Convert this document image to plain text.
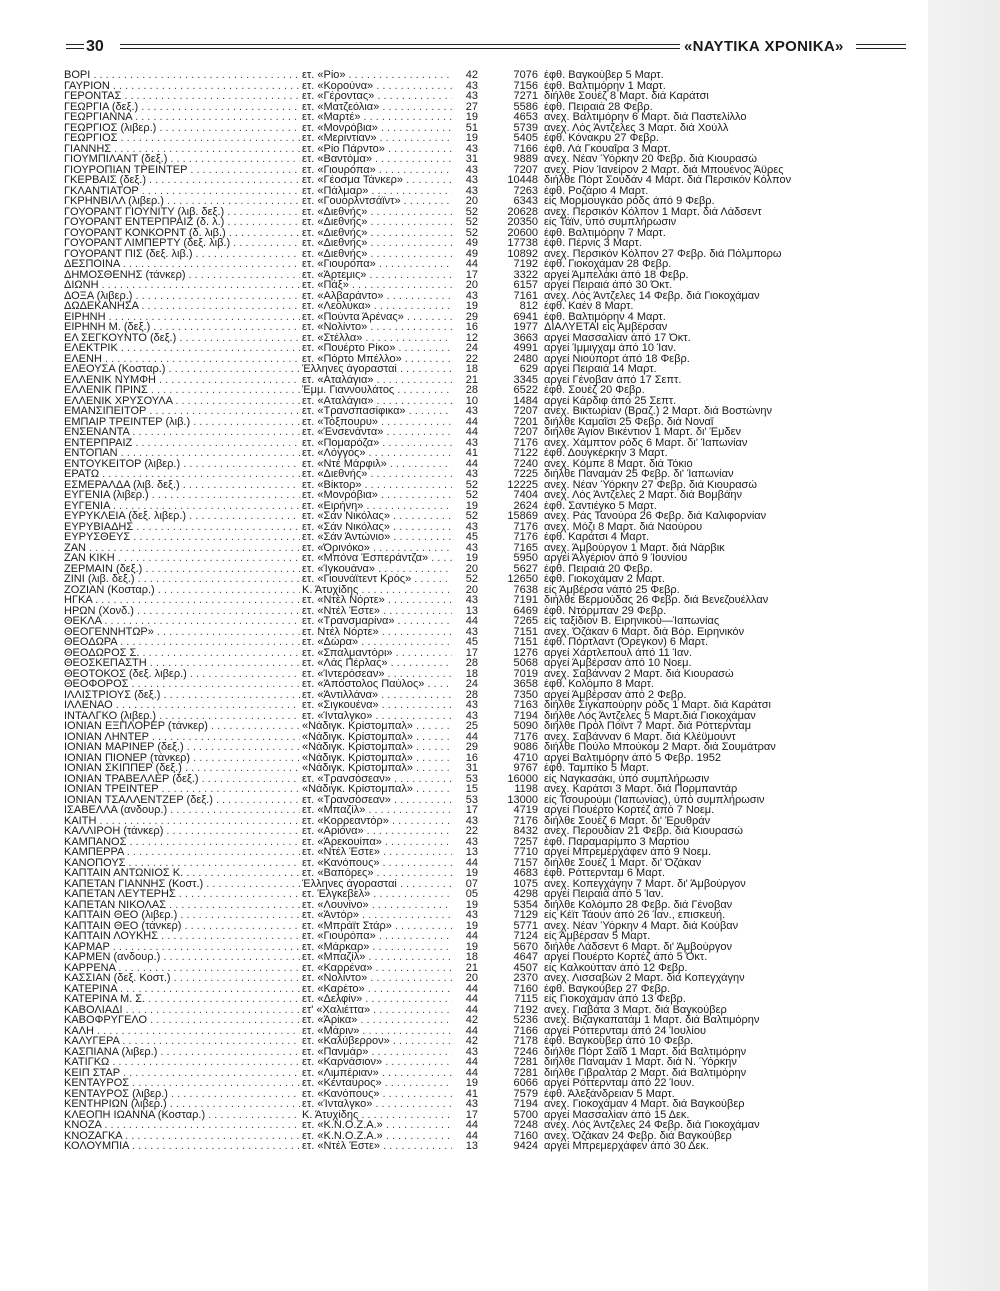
30	«ΝΑΥΤΙΚΑ ΧΡΟΝΙΚΑ»
ΒΟΡΙ . . .	ετ. «Ρίο» . . .	42	7076 έφθ. Βαγκούβερ 5 Μαρτ.
ΓΑΥΡΙΟΝ . . .	ετ. «Κορούνα» . . .	43	7156 έφθ. Βαλτιμόρην 1 Μαρτ.
ΓΕΡΟΝΤΑΣ . . .	ετ. «Γέροντας» . . .	43	7271 διήλθε Σουέζ 8 Μαρτ. διά Καράτσι
ΓΕΩΡΓΙΑ (δεξ.) . . .	ετ. «Ματζεόλια» . . .	27	5586 έφθ. Πειραιά 28 Φεβρ.
ΓΕΩΡΓΙΑΝΝΑ . . .	ετ. «Μαρτέ» . . .	19	4653 ανεχ. Βαλτιμόρην 6 Μαρτ. διά Παστελίλλο
ΓΕΩΡΓΙΟΣ (λιβερ.) . . .	ετ. «Μονρόβια» . . .	51	5739 ανεχ. Λός Άντζελες 3 Μαρτ. διά Χούλλ
ΓΕΩΡΓΙΟΣ . . .	ετ. «Μεριντιαν» . . .	19	5405 έφθ. Κόνακρυ 27 Φεβρ.
ΓΙΑΝΝΗΣ . . .	ετ. «Ρίο Πάρντο» . . .	43	7166 έφθ. Λά Γκουαΐρα 3 Μαρτ.
ΓΙΟΥΜΠΙΛΑΝΤ (δεξ.) . . .	ετ. «Βαντόμα» . . .	31	9889 ανεχ. Νέαν Ύόρκην 20 Φεβρ. διά Κιουρασώ
ΓΙΟΥΡΟΠΙΑΝ ΤΡΕΪΝΤΕΡ . . .	ετ. «Γιουρόπα» . . .	43	7207 ανεχ. Ρίον Ίανείρον 2 Μαρτ. διά Μπουένος Άϋρες
ΓΚΕΡΒΑΪΣ (δεξ.) . . .	ετ. «Γέοσμα Τάνκερ» . . .	43	10448 διήλθε Πόρτ Σουδάν 4 Μαρτ. διά Περσικόν Κόλπον
ΓΚΛΑΝΤΙΑΤΟΡ . . .	ετ. «Πάλμαρ» . . .	43	7263 έφθ. Ροζάριο 4 Μαρτ.
ΓΚΡΗΝΒΙΛΛ (λιβερ.) . . .	ετ. «Γουορλντσάϊντ» . . .	20	6343 είς Μορμουγκάο ρόδς άπό 9 Φεβρ.
ΓΟΥΟΡΑΝΤ ΓΙΟΥΝΙΤΥ (λιβ. δεξ.) . . .	ετ. «Διεθνής» . . .	52	20628 ανεχ. Περσικόν Κόλπον 1 Μαρτ. διά Λάδσεντ
ΓΟΥΟΡΑΝΤ ΕΝΤΕΡΠΡΑΪΖ (δ. λ.) . . .	ετ. «Διεθνής» . . .	52	20350 είς Τάϊν, ύπό συμπλήρωσιν
ΓΟΥΟΡΑΝΤ ΚΟΝΚΟΡΝΤ (δ. λιβ.) . . .	ετ. «Διεθνής» . . .	52	20600 έφθ. Βαλτιμόρην 7 Μαρτ.
ΓΟΥΟΡΑΝΤ ΛΙΜΠΕΡΤΥ (δεξ. λιβ.) . . .	ετ. «Διεθνής» . . .	49	17738 έφθ. Πέρνις 3 Μαρτ.
ΓΟΥΟΡΑΝΤ ΠΙΣ (δεξ. λιβ.) . . .	ετ. «Διεθνής» . . .	49	10892 ανεχ. Περσικόν Κόλπον 27 Φεβρ. διά Πόλμπορω
ΔΕΣΠΟΙΝΑ . . .	ετ. «Γιουρόπα» . . .	44	7192 έφθ. Γιοκοχάμαν 28 Φεβρ.
ΔΗΜΟΣΘΕΝΗΣ (τάνκερ) . . .	ετ. «Άρτεμις» . . .	17	3322 αργεί Άμπελάκι άπό 18 Φεβρ.
ΔΙΩΝΗ . . .	ετ. «Πάξ» . . .	20	6157 αργεί Πειραιά άπό 30 Όκτ.
ΔΟΞΑ (λιβερ.) . . .	ετ. «Αλβαράντο» . . .	43	7161 ανεχ. Λός Άντζελες 14 Φεβρ. διά Γιοκοχάμαν
ΔΩΔΕΚΑΝΗΣΑ . . .	ετ. «Λεόλυκα» . . .	19	812 έφθ. Καέν 8 Μαρτ.
ΕΙΡΗΝΗ . . .	ετ. «Πούντα Άρένας» . . .	29	6941 έφθ. Βαλτιμόρην 4 Μαρτ.
ΕΙΡΗΝΗ Μ. (δεξ.) . . .	ετ. «Νολίντο» . . .	16	1977 ΔΙΑΛΥΕΤΑΙ είς Άμβέρσαν
ΕΛ ΣΕΓΚΟΥΝΤΟ (δεξ.) . . .	ετ. «Στέλλα» . . .	12	3663 αργεί Μασσαλίαν άπό 17 Όκτ.
ΕΛΕΚΤΡΙΚ . . .	ετ. «Πουέρτο Ρίκο» . . .	24	4991 αργεί Ίμμιγχαμ άπό 10 Ίαν.
ΕΛΕΝΗ . . .	ετ. «Πόρτο Μπέλλο» . . .	22	2480 αργεί Νιούπορτ άπό 18 Φεβρ.
ΕΛΕΟΥΣΑ (Κοσταρ.) . . .	Έλληνες άγορασταί . . .	18	629 αργεί Πειραιά 14 Μαρτ.
ΕΛΛΕΝΙΚ ΝΥΜΦΗ . . .	ετ. «Αταλάγια» . . .	21	3345 αργεί Γένοβαν άπό 17 Σεπτ.
ΕΛΛΕΝΙΚ ΠΡΙΝΣ . . .	Έμμ. Γιαννουλάτος . . .	28	6522 έφθ. Σουέζ 20 Φεβρ.
ΕΛΛΕΝΙΚ ΧΡΥΣΟΥΛΑ . . .	ετ. «Αταλάγια» . . .	10	1484 αργεί Κάρδιφ άπό 25 Σεπτ.
ΕΜΑΝΣΙΠΕΪΤΟΡ . . .	ετ. «Τρανσπασίφικα» . . .	43	7207 ανεχ. Βικτωρίαν (Βραζ.) 2 Μαρτ. διά Βοστώνην
ΕΜΠΑΪΡ ΤΡΕΪΝΤΕΡ (λιβ.) . . .	ετ. «Τόξπουρυ» . . .	44	7201 διήλθε Καμαΐσι 25 Φεβρ. διά Νοναΐ
ΕΝΣΕΝΑΝΤΑ . . .	ετ. «Ένσενάντα» . . .	44	7207 διήλθε Άγιον Βικέντιον 1 Μαρτ. δι' Έμδεν
ΕΝΤΕΡΠΡΑΪΖ . . .	ετ. «Πομαρόζα» . . .	43	7176 ανεχ. Χάμπτον ρόδς 6 Μαρτ. δι' Ίαπωνίαν
ΕΝΤΟΠΑΝ . . .	ετ. «Λόγγος» . . .	41	7122 έφθ. Δουγκέρκην 3 Μαρτ.
ΕΝΤΟΥΚΕΪΤΟΡ (λιβερ.) . . .	ετ. «Ντέ Μάρφιλ» . . .	44	7240 ανεχ. Κόμπε 8 Μαρτ. διά Τόκιο
ΕΡΑΤΩ . . .	ετ. «Διεθνής» . . .	43	7225 διήλθε Παναμάν 25 Φεβρ. δι' Ίαπωνίαν
ΕΣΜΕΡΑΛΔΑ (λιβ. δεξ.) . . .	ετ. «Βίκτορ» . . .	52	12225 ανεχ. Νέαν Ύόρκην 27 Φεβρ. διά Κιουρασώ
ΕΥΓΕΝΙΑ (λιβερ.) . . .	ετ. «Μονρόβια» . . .	52	7404 ανεχ. Λός Άντζελες 2 Μαρτ. διά Βομβάην
ΕΥΓΕΝΙΑ . . .	ετ. «Ειρήνη» . . .	19	2624 έφθ. Σαντιέγκο 5 Μαρτ.
ΕΥΡΥΚΛΕΙΑ (δεξ. λιβερ.) . . .	ετ. «Σάν Νικόλας» . . .	52	15869 ανεχ. Ράς Τανούρα 26 Φεβρ. διά Καλιφορνίαν
ΕΥΡΥΒΙΑΔΗΣ . . .	ετ. «Σάν Νικόλας» . . .	43	7176 ανεχ. Μόζι 8 Μαρτ. διά Ναούρου
ΕΥΡΥΣΘΕΥΣ . . .	ετ. «Σάν Άντώνιο» . . .	45	7176 έφθ. Καράτσι 4 Μαρτ.
ΖΑΝ . . .	ετ. «Όρινόκο» . . .	43	7165 ανεχ. Άμβούργον 1 Μαρτ. διά Νάρβικ
ΖΑΝ ΚΙΚΗ . . .	ετ. «Μπόνα Έσπεράντζα» . . .	19	5950 αργεί Άλγέριον άπό 9 Ίουνίου
ΖΕΡΜΑΙΝ (δεξ.) . . .	ετ. «Ίγκουάνα» . . .	20	5627 έφθ. Πειραιά 20 Φεβρ.
ΖΙΝΙ (λιβ. δεξ.) . . .	ετ. «Γιουνάϊτεντ Κρός» . . .	52	12650 έφθ. Γιοκοχάμαν 2 Μαρτ.
ΖΟΖΙΑΝ (Κοσταρ.) . . .	Κ. Άτυχίδης . . .	20	7638 είς Άμβέρσα νάπό 25 Φεβρ.
ΗΓΚΑ . . .	ετ. «Ντέλ Νόρτε» . . .	43	7191 διήλθε Βερμούδας 26 Φεβρ. διά Βενεζουέλλαν
ΗΡΩΝ (Χονδ.) . . .	ετ. «Ντέλ Έστε» . . .	13	6469 έφθ. Ντόρμπαν 29 Φεβρ.
ΘΕΚΛΑ . . .	ετ. «Τρανσμαρίνα» . . .	44	7265 είς ταξίδιον Β. Ειρηνικού—Ίαπωνίας
ΘΕΟΓΕΝΝΗΤΩΡ» . . .	ετ. Ντέλ Νόρτε» . . .	43	7151 ανεχ. Όζάκαν 6 Μαρτ. διά Βόρ. Ειρηνικόν
ΘΕΟΔΩΡΑ . . .	ετ. «Δώρα» . . .	45	7151 έφθ. Πόρτλαντ (Όρεγκον) 6 Μαρτ.
ΘΕΟΔΩΡΟΣ Σ. . . .	ετ. «Σπαλμαντόρι» . . .	17	1276 αργεί Χάρτλεπουλ άπό 11 Ίαν.
ΘΕΟΣΚΕΠΑΣΤΗ . . .	ετ. «Λάς Πέρλας» . . .	28	5068 αργεί Άμβέρσαν άπό 10 Νοεμ.
ΘΕΟΤΟΚΟΣ (δεξ. λιβερ.) . . .	ετ. «Ίντερόσεαν» . . .	18	7019 ανεχ. Σαβάνναν 2 Μαρτ. διά Κιουρασώ
ΘΕΟΦΟΡΟΣ . . .	ετ. «Άπόστολος Παύλος» . . .	24	3658 έφθ. Κολόμπο 8 Μαρτ.
ΙΛΛΙΣΤΡΙΟΥΣ (δεξ.) . . .	ετ. «Άντιλλάνα» . . .	28	7350 αργεί Άμβέρσαν άπό 2 Φεβρ.
ΙΛΛΕΝΑΟ . . .	ετ. «Σιγκουένα» . . .	43	7163 διήλθε Σιγκαπούρην ρόδς 1 Μαρτ. διά Καράτσι
ΙΝΤΑΛΓΚΟ (λιβερ.) . . .	ετ. «Ίνταλγκο» . . .	43	7194 διήλθε Λός Άντζελες 5 Μαρτ.διά Γιοκοχάμαν
ΙΟΝΙΑΝ ΕΞΠΛΟΡΕΡ (τάνκερ) . . .	«Νάδιγκ. Κρίστομπαλ» . . .	25	5090 διήλθε Πρόλ Πόϊντ 7 Μαρτ. διά Ρόττερνταμ
ΙΟΝΙΑΝ ΛΗΝΤΕΡ . . .	«Νάδιγκ. Κρίστομπαλ» . . .	44	7176 ανεχ. Σαβάνναν 6 Μαρτ. διά Κλέϋμουντ
ΙΟΝΙΑΝ ΜΑΡΙΝΕΡ (δεξ.) . . .	«Νάδιγκ. Κρίστομπαλ» . . .	29	9086 διήλθε Πούλο Μπούκομ 2 Μαρτ. διά Σουμάτραν
ΙΟΝΙΑΝ ΠΙΟΝΕΡ (τάνκερ) . . .	«Νάδιγκ. Κρίστομπαλ» . . .	16	4710 αργεί Βαλτιμόρην άπό 5 Φεβρ. 1952
ΙΟΝΙΑΝ ΣΚΙΠΠΕΡ (δεξ.) . . .	«Νάδιγκ. Κρίστομπαλ» . . .	31	9767 έφθ. Ταμπίκο 5 Μαρτ.
ΙΟΝΙΑΝ ΤΡΑΒΕΛΛΕΡ (δεξ.) . . .	ετ. «Τρανσόσεαν» . . .	53	16000 είς Ναγκασάκι, ύπό συμπλήρωσιν
ΙΟΝΙΑΝ ΤΡΕΪΝΤΕΡ . . .	«Νάδιγκ. Κρίστομπαλ» . . .	15	1198 ανεχ. Καράτσι 3 Μαρτ. διά Πορμπαντάρ
ΙΟΝΙΑΝ ΤΣΑΛΛΕΝΤΖΕΡ (δεξ.) . . .	ετ. «Τρανσόσεαν» . . .	53	13000 είς Τσουρούμι (Ίαπωνίας), ύπό συμπλήρωσιν
ΙΣΑΒΕΛΛΑ (ανδουρ.) . . .	ετ. «Μπαζίλ» . . .	17	4719 αργεί Πουέρτο Κορτέζ άπό 7 Νοεμ.
ΚΑΙΤΗ . . .	ετ. «Κορρεαντόρ» . . .	43	7176 διήλθε Σουέζ 6 Μαρτ. δι' Έρυθράν
ΚΑΛΛΙΡΟΗ (τάνκερ) . . .	ετ. «Αριόνα» . . .	22	8432 ανεχ. Περουδίαν 21 Φεβρ. διά Κιουρασώ
ΚΑΜΠΑΝΟΣ . . .	ετ. «Άρεκουίπα» . . .	43	7257 έφθ. Παραμαρίμπο 3 Μαρτίου
ΚΑΜΠΕΡΡΑ . . .	ετ. «Ντέλ Έστε» . . .	13	7710 αργεί Μπρεμερχάφεν άπό 9 Νοεμ.
ΚΑΝΟΠΟΥΣ . . .	ετ. «Κανόπους» . . .	44	7157 διήλθε Σουέζ 1 Μαρτ. δι' Όζάκαν
ΚΑΠΤΑΙΝ ΑΝΤΩΝΙΟΣ Κ. . . .	ετ. «Βαπόρες» . . .	19	4683 έφθ. Ρόττερνταμ 6 Μαρτ.
ΚΑΠΕΤΑΝ ΓΙΑΝΝΗΣ (Κοστ.) . . .	Έλληνες άγορασταί . . .	07	1075 ανεχ. Κοπεγχάγην 7 Μαρτ. δι' Άμβούργον
ΚΑΠΕΤΑΝ ΛΕΥΤΕΡΗΣ . . .	ετ. Έλγκεβελ» . . .	05	4298 αργεί Πειραιά άπό 5 Ίαν.
ΚΑΠΕΤΑΝ ΝΙΚΟΛΑΣ . . .	ετ. «Λουνίνο» . . .	19	5354 διήλθε Κολόμπο 28 Φεβρ. διά Γένοβαν
ΚΑΠΤΑΙΝ ΘΕΟ (λιβερ.) . . .	ετ. «Άντόρ» . . .	43	7129 είς Κέϊτ Τάουν άπό 26 Ίαν., επισκευή.
ΚΑΠΤΑΙΝ ΘΕΟ (τάνκερ) . . .	ετ. «Μπράϊτ Στάρ» . . .	19	5771 ανεχ. Νέαν Ύόρκην 4 Μαρτ. διά Κούβαν
ΚΑΠΤΑΙΝ ΛΟΥΚΗΣ . . .	ετ. «Γιουρόπα» . . .	44	7124 είς Άμβέρσαν 5 Μαρτ.
ΚΑΡΜΑΡ . . .	ετ. «Μάρκαρ» . . .	19	5670 διήλθε Λάδσεντ 6 Μαρτ. δι' Άμβούργον
ΚΑΡΜΕΝ (ανδουρ.) . . .	ετ. «Μπαζίλ» . . .	18	4647 αργεί Πουέρτο Κορτέζ άπό 5 Όκτ.
ΚΑΡΡΕΝΑ . . .	ετ. «Καρρένα» . . .	21	4507 είς Καλκούτταν άπό 12 Φεβρ.
ΚΑΣΣΙΑΝ (δεξ. Κοστ.) . . .	ετ. «Νολίντο» . . .	20	2370 ανεχ. Λισσαβών 2 Μαρτ. διά Κοπεγχάγην
ΚΑΤΕΡΙΝΑ . . .	ετ. «Καρέτο» . . .	44	7160 έφθ. Βαγκούβερ 27 Φεβρ.
ΚΑΤΕΡΙΝΑ Μ. Σ. . . .	ετ. «Δελφίν» . . .	44	7115 είς Γιοκοχάμαν άπό 13 Φεβρ.
ΚΑΒΟΛΙΑΔΙ . . .	ετ' «Χαλιέττα» . . .	44	7192 ανεχ. Γιαβάτα 3 Μαρτ. διά Βαγκούβερ
ΚΑΒΟΦΡΥΓΕΛΟ . . .	ετ. «Άρίκα» . . .	42	5236 ανεχ. Βιζαγκαπατάμ 1 Μαρτ. διά Βαλτιμόρην
ΚΑΛΗ . . .	ετ. «Μάριν» . . .	44	7166 αργεί Ρόττερνταμ άπό 24 Ίουλίου
ΚΑΛΥΓΕΡΑ . . .	ετ. «Καλύβερρον» . . .	42	7178 έφθ. Βαγκούβερ άπό 10 Φεβρ.
ΚΑΣΠΙΑΝΑ (λιβερ.) . . .	ετ. «Πανμάρ» . . .	43	7246 διήλθε Πόρτ Σαΐδ 1 Μαρτ. διά Βαλτιμόρην
ΚΑΤΙΓΚΩ . . .	ετ. «Καρνάσιον» . . .	44	7281 διήλθε Παναμάν 1 Μαρτ. διά Ν. Ύόρκην
ΚΕΪΠ ΣΤΑΡ . . .	ετ. «Λιμπέριαν» . . .	44	7281 διήλθε Γιβραλτάρ 2 Μαρτ. διά Βαλτιμόρην
ΚΕΝΤΑΥΡΟΣ . . .	ετ. «Κένταυρος» . . .	19	6066 αργεί Ρόττερνταμ άπό 22 Ίουν.
ΚΕΝΤΑΥΡΟΣ (λιβερ.) . . .	ετ. «Κανόπους» . . .	41	7579 έφθ. Άλεξάνδρειαν 5 Μαρτ.
ΚΕΝΤΗΡΙΩΝ (λιβερ.) . . .	ετ. «Ίνταλγκο» . . .	43	7194 ανεχ. Γιοκοχάμαν 4 Μαρτ. διά Βαγκούβερ
ΚΛΕΟΠΗ ΙΩΑΝΝΑ (Κοσταρ.) . . .	Κ. Άτυχίδης . . .	17	5700 αργεί Μασσαλίαν άπό 15 Δεκ.
ΚΝΟΖΑ . . .	ετ. «Κ.Ν.Ο.Ζ.Α.» . . .	44	7248 ανεχ. Λός Άντζελες 24 Φεβρ. διά Γιοκοχάμαν
ΚΝΟΖΑΓΚΑ . . .	ετ. «Κ.Ν.Ο.Ζ.Α.» . . .	44	7160 ανεχ. Όζάκαν 24 Φεβρ. διά Βαγκούβερ
ΚΟΛΟΥΜΠΙΑ . . .	ετ. «Ντέλ Έστε» . . .	13	9424 αργεί Μπρεμερχάφεν άπό 30 Δεκ.
